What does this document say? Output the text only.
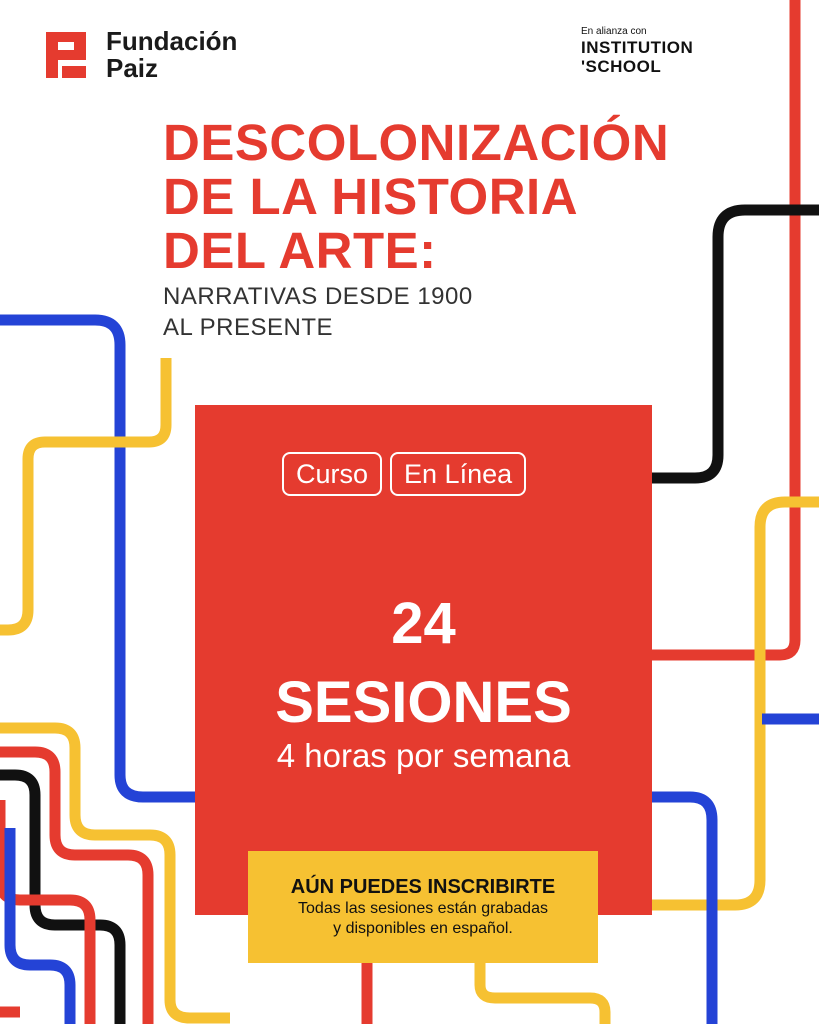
Fundación
Paiz
En alianza con
INSTITUTION
'SCHOOL
DESCOLONIZACIÓN
DE LA HISTORIA
DEL ARTE:
NARRATIVAS DESDE 1900
AL PRESENTE
Curso	En Línea
24
SESIONES
4 horas por semana
AÚN PUEDES INSCRIBIRTE
Todas las sesiones están grabadas
y disponibles en español.
